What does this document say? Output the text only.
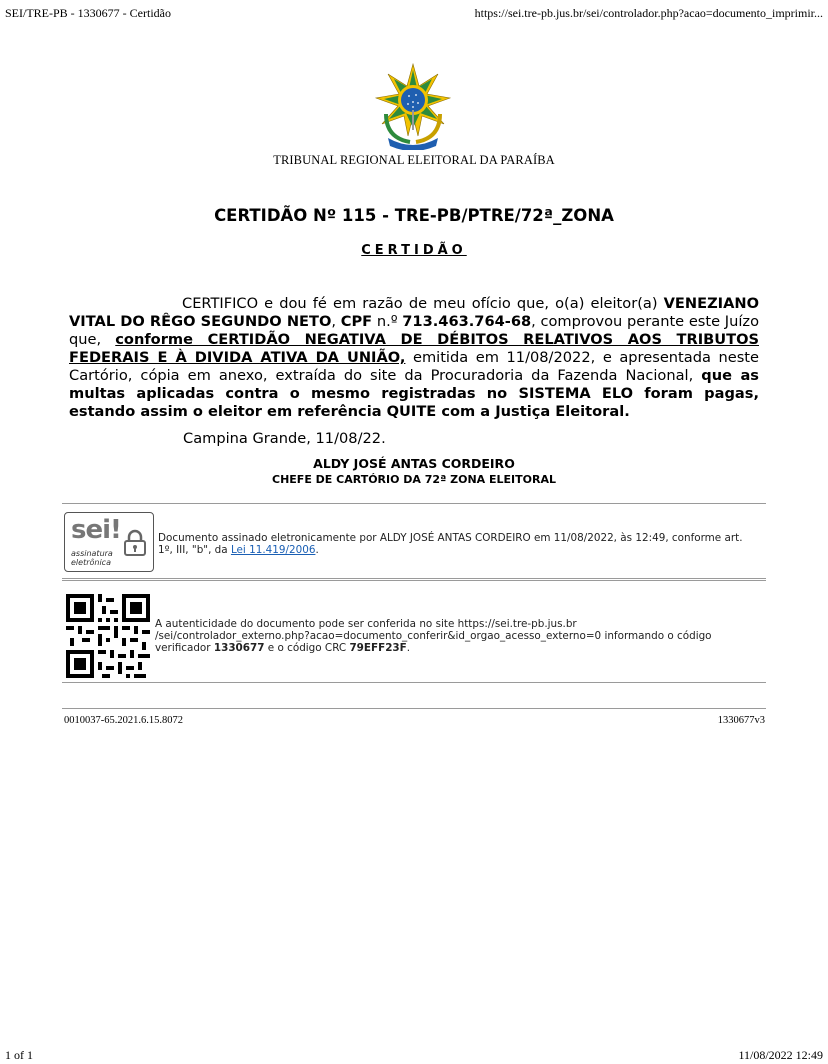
SEI/TRE-PB - 1330677 - Certidão	https://sei.tre-pb.jus.br/sei/controlador.php?acao=documento_imprimir...
TRIBUNAL REGIONAL ELEITORAL DA PARAÍBA
CERTIDÃO Nº 115 - TRE-PB/PTRE/72ª_ZONA
CERTIDÃO
CERTIFICO e dou fé em razão de meu ofício que, o(a) eleitor(a) VENEZIANO VITAL DO RÊGO SEGUNDO NETO, CPF n.º 713.463.764-68, comprovou perante este Juízo que, conforme CERTIDÃO NEGATIVA DE DÉBITOS RELATIVOS AOS TRIBUTOS FEDERAIS E À DIVIDA ATIVA DA UNIÃO, emitida em 11/08/2022, e apresentada neste Cartório, cópia em anexo, extraída do site da Procuradoria da Fazenda Nacional, que as multas aplicadas contra o mesmo registradas no SISTEMA ELO foram pagas, estando assim o eleitor em referência QUITE com a Justiça Eleitoral.
Campina Grande, 11/08/22.
ALDY JOSÉ ANTAS CORDEIRO
CHEFE DE CARTÓRIO DA 72ª ZONA ELEITORAL
sei!
assinatura
eletrônica
Documento assinado eletronicamente por ALDY JOSÉ ANTAS CORDEIRO em 11/08/2022, às 12:49, conforme art. 1º, III, "b", da Lei 11.419/2006.
A autenticidade do documento pode ser conferida no site https://sei.tre-pb.jus.br
/sei/controlador_externo.php?acao=documento_conferir&id_orgao_acesso_externo=0 informando o código
verificador 1330677 e o código CRC 79EFF23F.
0010037-65.2021.6.15.8072	1330677v3
1 of 1	11/08/2022 12:49
